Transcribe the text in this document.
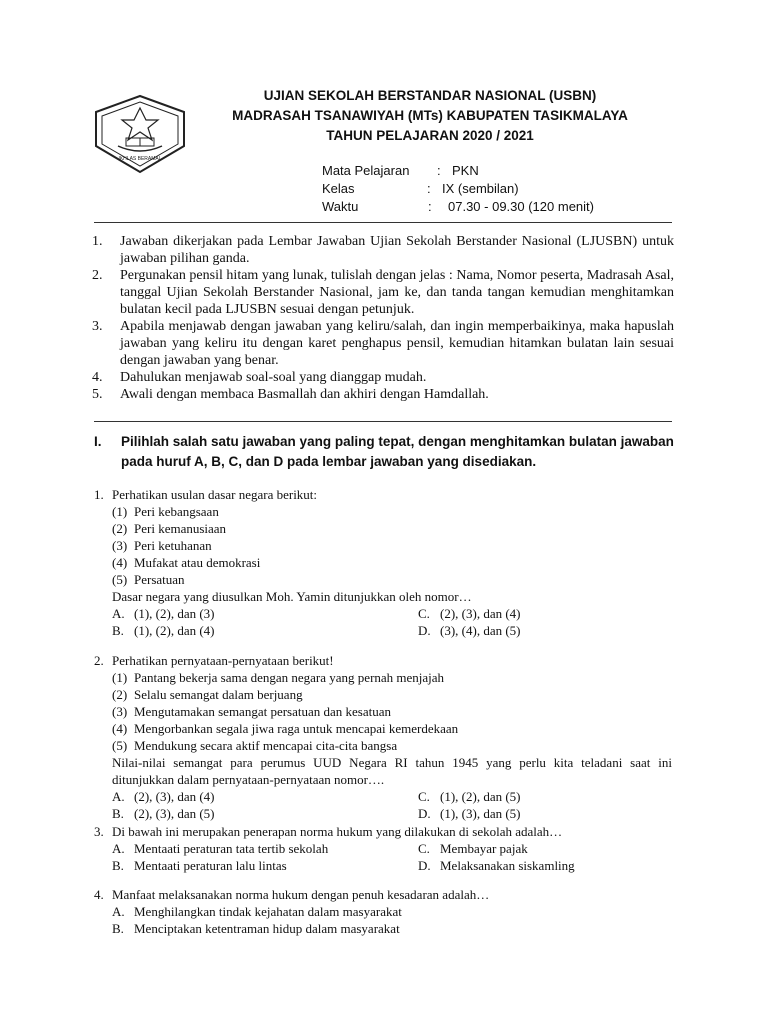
IKHLAS BERAMAL
UJIAN SEKOLAH BERSTANDAR NASIONAL (USBN)
MADRASAH TSANAWIYAH (MTs) KABUPATEN TASIKMALAYA
TAHUN PELAJARAN 2020 / 2021
Mata Pelajaran : PKN
Kelas	: IX (sembilan)
Waktu	: 07.30 - 09.30 (120 menit)
1. Jawaban dikerjakan pada Lembar Jawaban Ujian Sekolah Berstander Nasional (LJUSBN) untuk jawaban pilihan ganda.
2. Pergunakan pensil hitam yang lunak, tulislah dengan jelas : Nama, Nomor peserta, Madrasah Asal, tanggal Ujian Sekolah Berstander Nasional, jam ke, dan tanda tangan kemudian menghitamkan bulatan kecil pada LJUSBN sesuai dengan petunjuk.
3. Apabila menjawab dengan jawaban yang keliru/salah, dan ingin memperbaikinya, maka hapuslah jawaban yang keliru itu dengan karet penghapus pensil, kemudian hitamkan bulatan lain sesuai dengan jawaban yang benar.
4. Dahulukan menjawab soal-soal yang dianggap mudah.
5. Awali dengan membaca Basmallah dan akhiri dengan Hamdallah.
I.	Pilihlah salah satu jawaban yang paling tepat, dengan menghitamkan bulatan jawaban pada huruf A, B, C, dan D pada lembar jawaban yang disediakan.
1. Perhatikan usulan dasar negara berikut:
(1) Peri kebangsaan
(2) Peri kemanusiaan
(3) Peri ketuhanan
(4) Mufakat atau demokrasi
(5) Persatuan
Dasar negara yang diusulkan Moh. Yamin ditunjukkan oleh nomor…
A. (1), (2), dan (3)	C. (2), (3), dan (4)
B. (1), (2), dan (4)	D. (3), (4), dan (5)
2. Perhatikan pernyataan-pernyataan berikut!
(1) Pantang bekerja sama dengan negara yang pernah menjajah
(2) Selalu semangat dalam berjuang
(3) Mengutamakan semangat persatuan dan kesatuan
(4) Mengorbankan segala jiwa raga untuk mencapai kemerdekaan
(5) Mendukung secara aktif mencapai cita-cita bangsa
Nilai-nilai semangat para perumus UUD Negara RI tahun 1945 yang perlu kita teladani saat ini ditunjukkan dalam pernyataan-pernyataan nomor….
A. (2), (3), dan (4)	C. (1), (2), dan (5)
B. (2), (3), dan (5)	D. (1), (3), dan (5)
3. Di bawah ini merupakan penerapan norma hukum yang dilakukan di sekolah adalah…
A. Mentaati peraturan tata tertib sekolah	C. Membayar pajak
B. Mentaati peraturan lalu lintas	D. Melaksanakan siskamling
4. Manfaat melaksanakan norma hukum dengan penuh kesadaran adalah…
A. Menghilangkan tindak kejahatan dalam masyarakat
B. Menciptakan ketentraman hidup dalam masyarakat
